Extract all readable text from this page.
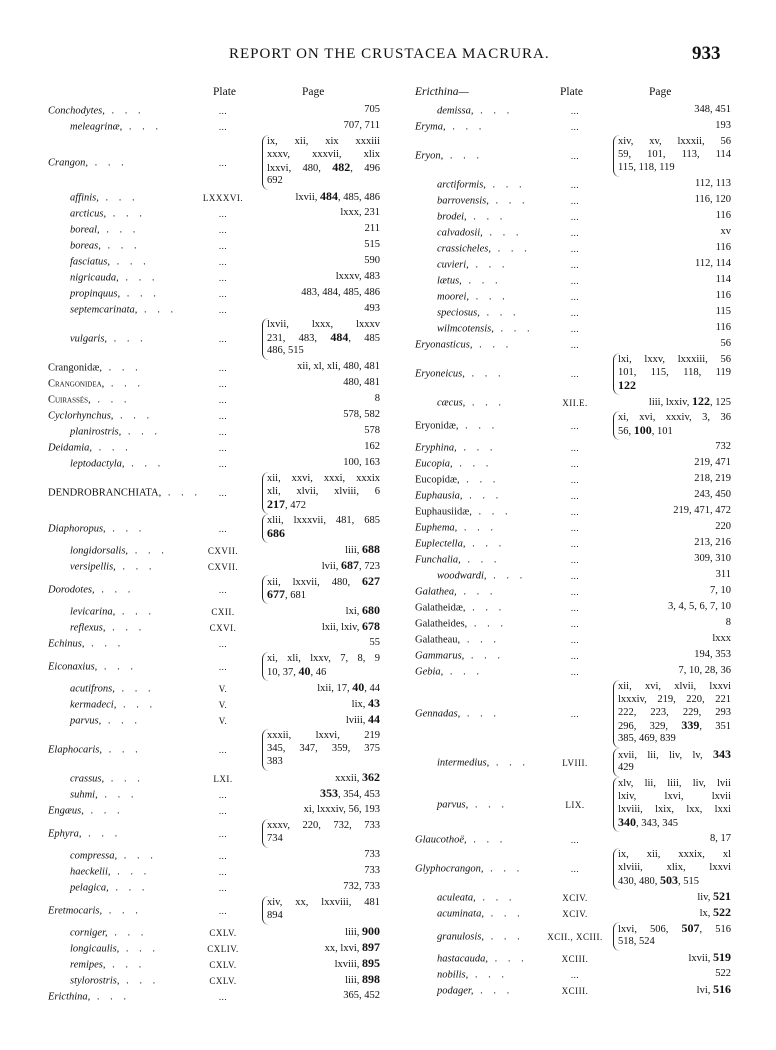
REPORT ON THE CRUSTACEA MACRURA.	933
Plate	Page
Conchodytes, . . .	...	705
meleagrinæ, . . .	...	707, 711
Crangon, . . .	...
ix, xii, xix xxxiii
xxxv, xxxvii, xlix
lxxvi, 480, 482, 496
692
affinis, . . .	LXXXVI.	lxvii, 484, 485, 486
arcticus, . . .	...	lxxx, 231
boreal, . . .	...	211
boreas, . . .	...	515
fasciatus, . . .	...	590
nigricauda, . . .	...	lxxxv, 483
propinquus, . . .	...	483, 484, 485, 486
septemcarinata, . . .	...	493
vulgaris, . . .	...
lxvii, lxxx, lxxxv
231, 483, 484, 485
486, 515
Crangonidæ, . . .	...	xii, xl, xli, 480, 481
Crangonidea, . . .	...	480, 481
Cuirassés, . . .	...	8
Cyclorhynchus, . . .	...	578, 582
planirostris, . . .	...	578
Deidamia, . . .	...	162
leptodactyla, . . .	...	100, 163
DENDROBRANCHIATA, . . .	...
xii, xxvi, xxxi, xxxix
xli, xlvii, xlviii, 6
217, 472
Diaphoropus, . . .	...
xlii, lxxxvii, 481, 685
686
longidorsalis, . . .	CXVII.	liii, 688
versipellis, . . .	CXVII.	lvii, 687, 723
Dorodotes, . . .	...
xii, lxxvii, 480, 627
677, 681
levicarina, . . .	CXII.	lxi, 680
reflexus, . . .	CXVI.	lxii, lxiv, 678
Echinus, . . .	...	55
Eiconaxius, . . .	...
xi, xli, lxxv, 7, 8, 9
10, 37, 40, 46
acutifrons, . . .	V.	lxii, 17, 40, 44
kermadeci, . . .	V.	lix, 43
parvus, . . .	V.	lviii, 44
Elaphocaris, . . .	...
xxxii, lxxvi, 219
345, 347, 359, 375
383
crassus, . . .	LXI.	xxxii, 362
suhmi, . . .	...	353, 354, 453
Engæus, . . .	...	xi, lxxxiv, 56, 193
Ephyra, . . .	...
xxxv, 220, 732, 733
734
compressa, . . .	...	733
haeckelii, . . .	...	733
pelagica, . . .	...	732, 733
Eretmocaris, . . .	...
xiv, xx, lxxviii, 481
894
corniger, . . .	CXLV.	liii, 900
longicaulis, . . .	CXLIV.	xx, lxvi, 897
remipes, . . .	CXLV.	lxviii, 895
stylorostris, . . .	CXLV.	liii, 898
Ericthina, . . .	...	365, 452
Ericthina—	Plate	Page
demissa, . . .	...	348, 451
Eryma, . . .	...	193
Eryon, . . .	...
xiv, xv, lxxxii, 56
59, 101, 113, 114
115, 118, 119
arctiformis, . . .	...	112, 113
barrovensis, . . .	...	116, 120
brodei, . . .	...	116
calvadosii, . . .	...	xv
crassicheles, . . .	...	116
cuvieri, . . .	...	112, 114
lætus, . . .	...	114
moorei, . . .	...	116
speciosus, . . .	...	115
wilmcotensis, . . .	...	116
Eryonasticus, . . .	...	56
Eryoneicus, . . .	...
lxi, lxxv, lxxxiii, 56
101, 115, 118, 119
122
cæcus, . . .	XII.E.	liii, lxxiv, 122, 125
Eryonidæ, . . .	...
xi, xvi, xxxiv, 3, 36
56, 100, 101
Eryphina, . . .	...	732
Eucopia, . . .	...	219, 471
Eucopidæ, . . .	...	218, 219
Euphausia, . . .	...	243, 450
Euphausiidæ, . . .	...	219, 471, 472
Euphema, . . .	...	220
Euplectella, . . .	...	213, 216
Funchalia, . . .	...	309, 310
woodwardi, . . .	...	311
Galathea, . . .	...	7, 10
Galatheidæ, . . .	...	3, 4, 5, 6, 7, 10
Galatheides, . . .	...	8
Galatheau, . . .	...	lxxx
Gammarus, . . .	...	194, 353
Gebia, . . .	...	7, 10, 28, 36
Gennadas, . . .	...
xii, xvi, xlvii, lxxvi
lxxxiv, 219, 220, 221
222, 223, 229, 293
296, 329, 339, 351
385, 469, 839
intermedius, . . .	LVIII.
xvii, lii, liv, lv, 343
429
parvus, . . .	LIX.
xlv, lii, liii, liv, lvii
lxiv, lxvi, lxvii
lxviii, lxix, lxx, lxxi
340, 343, 345
Glaucothoë, . . .	...	8, 17
Glyphocrangon, . . .	...
ix, xii, xxxix, xl
xlviii, xlix, lxxvi
430, 480, 503, 515
aculeata, . . .	XCIV.	liv, 521
acuminata, . . .	XCIV.	lx, 522
granulosis, . . .	XCII., XCIII.
lxvi, 506, 507, 516
518, 524
hastacauda, . . .	XCIII.	lxvii, 519
nobilis, . . .	...	522
podager, . . .	XCIII.	lvi, 516
